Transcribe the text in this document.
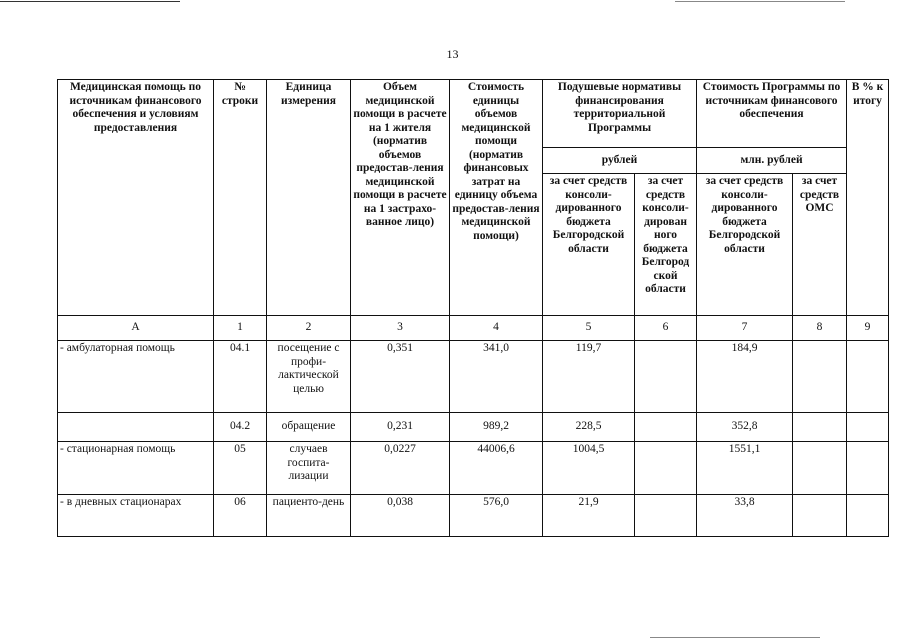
13
Медицинская помощь по источникам финансового обеспечения и условиям предоставления	№ строки	Единица измерения	Объем медицинской помощи в расчете на 1 жителя (норматив объемов предостав-ления медицинской помощи в расчете на 1 застрахо-ванное лицо)	Стоимость единицы объемов медицинской помощи (норматив финансовых затрат на единицу объема предостав-ления медицинской помощи)	Подушевые нормативы финансирования территориальной Программы		Стоимость Программы по источникам финансового обеспечения		В % к итогу
					рублей		млн. рублей		
					за счет средств консоли-дированного бюджета Белгородской области	за счет средств консоли-дирован ного бюджета Белгород ской области	за счет средств консоли-дированного бюджета Белгородской области	за счет средств ОМС	
А	1	2	3	4	5	6	7	8	9
- амбулаторная помощь	04.1	посещение с профи-лактической целью	0,351	341,0	119,7		184,9		
	04.2	обращение	0,231	989,2	228,5		352,8		
- стационарная помощь	05	случаев госпита-лизации	0,0227	44006,6	1004,5		1551,1		
- в дневных стационарах	06	пациенто-день	0,038	576,0	21,9		33,8		
